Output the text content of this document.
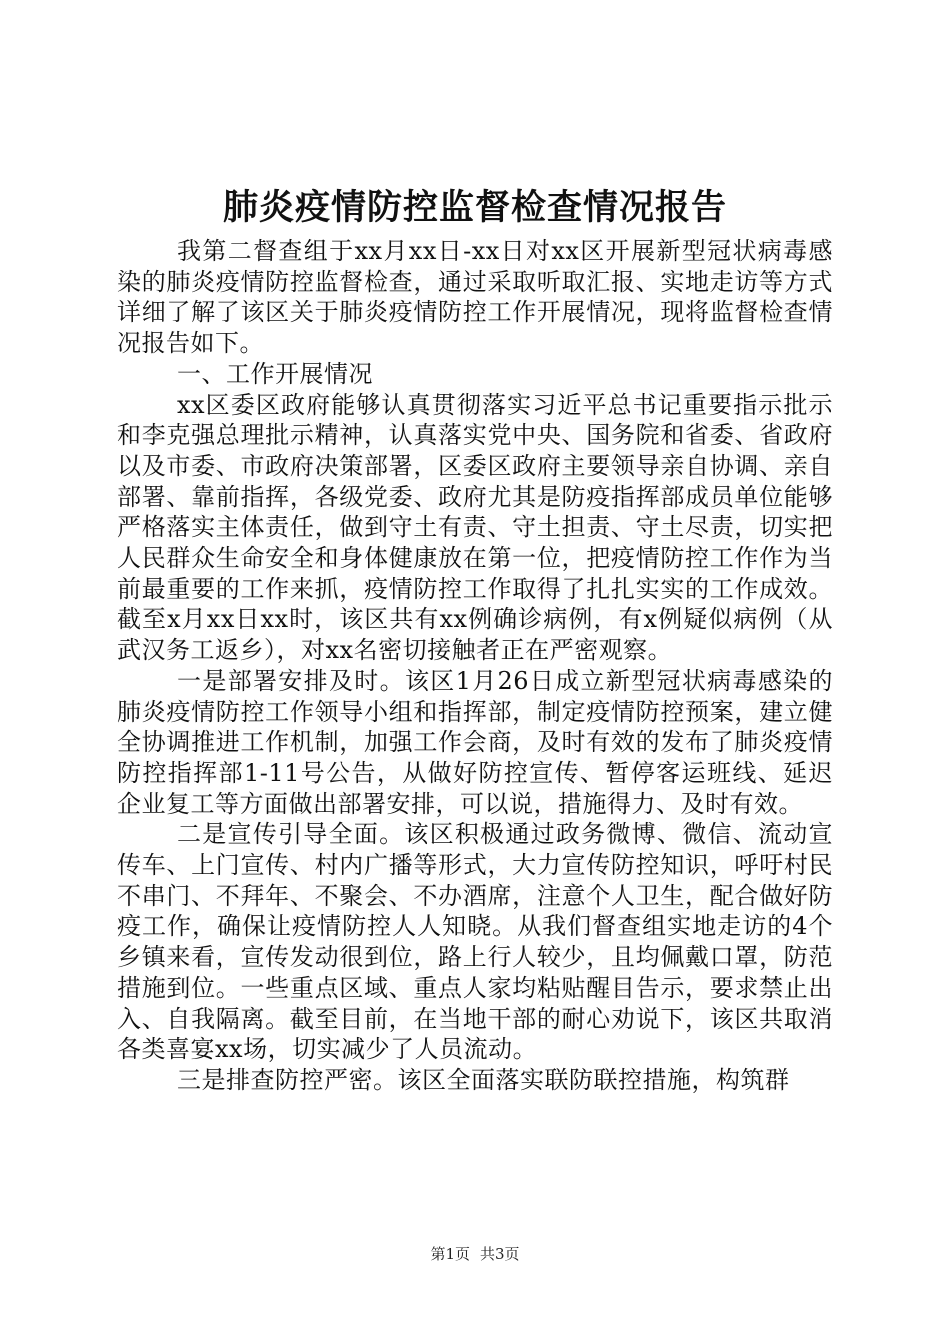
肺炎疫情防控监督检查情况报告

我第二督查组于xx月xx日-xx日对xx区开展新型冠状病毒感染的肺炎疫情防控监督检查，通过采取听取汇报、实地走访等方式详细了解了该区关于肺炎疫情防控工作开展情况，现将监督检查情况报告如下。

一、工作开展情况

xx区委区政府能够认真贯彻落实习近平总书记重要指示批示和李克强总理批示精神，认真落实党中央、国务院和省委、省政府以及市委、市政府决策部署，区委区政府主要领导亲自协调、亲自部署、靠前指挥，各级党委、政府尤其是防疫指挥部成员单位能够严格落实主体责任，做到守土有责、守土担责、守土尽责，切实把人民群众生命安全和身体健康放在第一位，把疫情防控工作作为当前最重要的工作来抓，疫情防控工作取得了扎扎实实的工作成效。截至x月xx日xx时，该区共有xx例确诊病例，有x例疑似病例（从武汉务工返乡），对xx名密切接触者正在严密观察。

一是部署安排及时。该区1月26日成立新型冠状病毒感染的肺炎疫情防控工作领导小组和指挥部，制定疫情防控预案，建立健全协调推进工作机制，加强工作会商，及时有效的发布了肺炎疫情防控指挥部1-11号公告，从做好防控宣传、暂停客运班线、延迟企业复工等方面做出部署安排，可以说，措施得力、及时有效。

二是宣传引导全面。该区积极通过政务微博、微信、流动宣传车、上门宣传、村内广播等形式，大力宣传防控知识，呼吁村民不串门、不拜年、不聚会、不办酒席，注意个人卫生，配合做好防疫工作，确保让疫情防控人人知晓。从我们督查组实地走访的4个乡镇来看，宣传发动很到位，路上行人较少，且均佩戴口罩，防范措施到位。一些重点区域、重点人家均粘贴醒目告示，要求禁止出入、自我隔离。截至目前，在当地干部的耐心劝说下，该区共取消各类喜宴xx场，切实减少了人员流动。

三是排查防控严密。该区全面落实联防联控措施，构筑群

第1页 共3页
